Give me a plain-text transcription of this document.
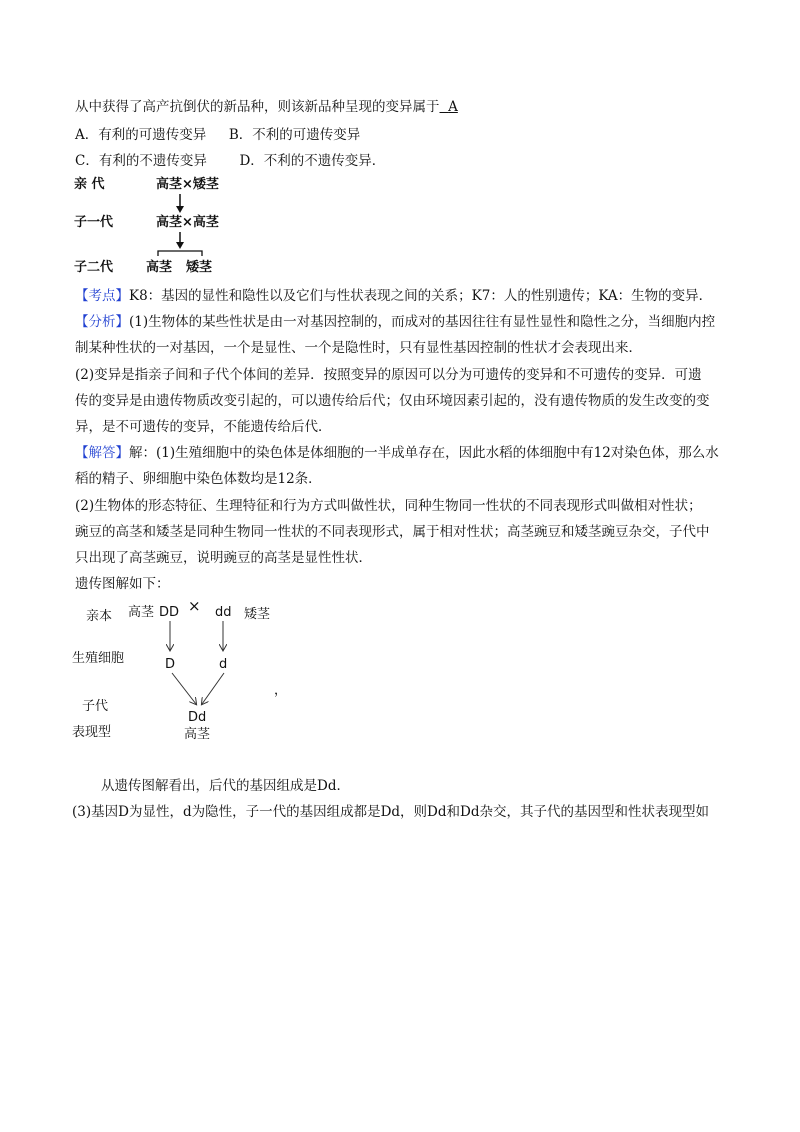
从中获得了高产抗倒伏的新品种，则该新品种呈现的变异属于 A
A．有利的可遗传变异 B．不利的可遗传变异
C．有利的不遗传变异 D．不利的不遗传变异．
亲 代	高茎×矮茎
子一代	高茎×高茎
子二代	高茎 矮茎
【考点】K8：基因的显性和隐性以及它们与性状表现之间的关系；K7：人的性别遗传；KA：生物的变异．
【分析】(1)生物体的某些性状是由一对基因控制的，而成对的基因往往有显性显性和隐性之分，当细胞内控
制某种性状的一对基因，一个是显性、一个是隐性时，只有显性基因控制的性状才会表现出来．
(2)变异是指亲子间和子代个体间的差异．按照变异的原因可以分为可遗传的变异和不可遗传的变异．可遗
传的变异是由遗传物质改变引起的，可以遗传给后代；仅由环境因素引起的，没有遗传物质的发生改变的变
异，是不可遗传的变异，不能遗传给后代．
【解答】解：(1)生殖细胞中的染色体是体细胞的一半成单存在，因此水稻的体细胞中有12对染色体，那么水
稻的精子、卵细胞中染色体数均是12条．
(2)生物体的形态特征、生理特征和行为方式叫做性状，同种生物同一性状的不同表现形式叫做相对性状；
豌豆的高茎和矮茎是同种生物同一性状的不同表现形式，属于相对性状；高茎豌豆和矮茎豌豆杂交，子代中
只出现了高茎豌豆，说明豌豆的高茎是显性性状．
遗传图解如下：
亲本
生殖细胞
子代
表现型
高茎 DD × dd 矮茎
D	d
Dd
高茎
，
从遗传图解看出，后代的基因组成是Dd．
(3)基因D为显性，d为隐性，子一代的基因组成都是Dd，则Dd和Dd杂交，其子代的基因型和性状表现型如
